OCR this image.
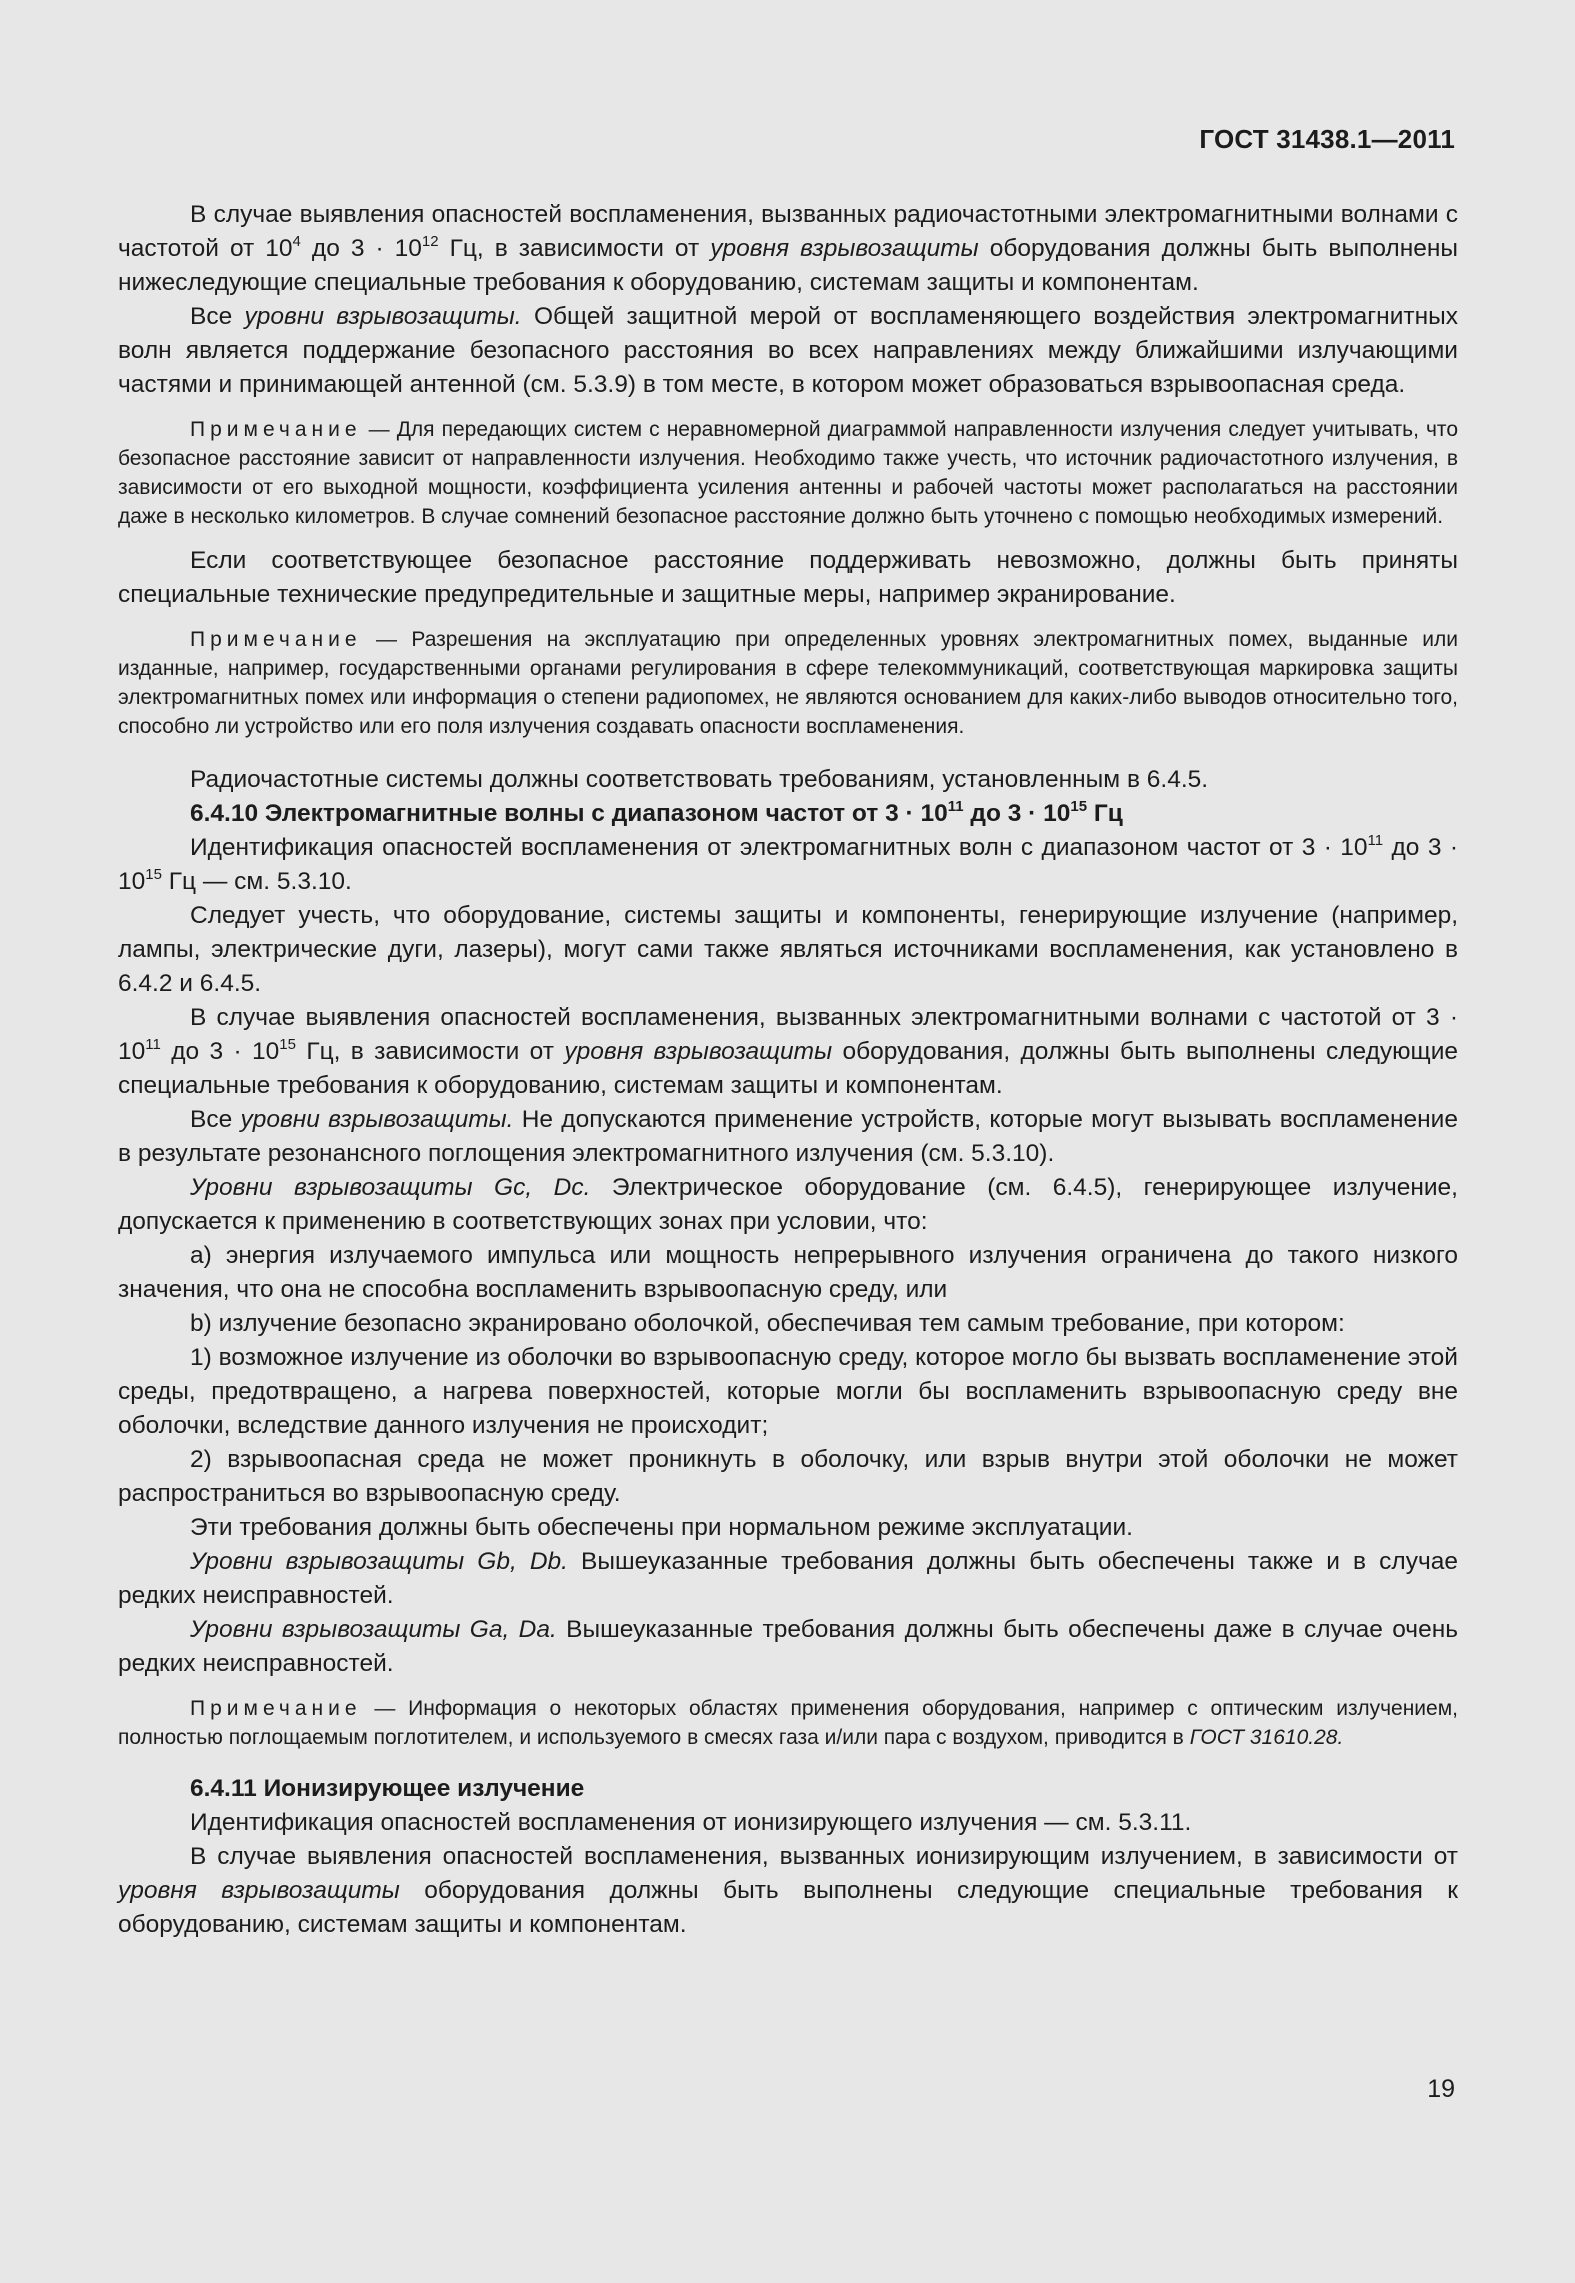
ГОСТ 31438.1—2011

В случае выявления опасностей воспламенения, вызванных радиочастотными электромагнитными волнами с частотой от $10^4$ до $3 \cdot 10^{12}$ Гц, в зависимости от уровня взрывозащиты оборудования должны быть выполнены нижеследующие специальные требования к оборудованию, системам защиты и компонентам.

Все уровни взрывозащиты. Общей защитной мерой от воспламеняющего воздействия электромагнитных волн является поддержание безопасного расстояния во всех направлениях между ближайшими излучающими частями и принимающей антенной (см. 5.3.9) в том месте, в котором может образоваться взрывоопасная среда.

Примечание — Для передающих систем с неравномерной диаграммой направленности излучения следует учитывать, что безопасное расстояние зависит от направленности излучения. Необходимо также учесть, что источник радиочастотного излучения, в зависимости от его выходной мощности, коэффициента усиления антенны и рабочей частоты может располагаться на расстоянии даже в несколько километров. В случае сомнений безопасное расстояние должно быть уточнено с помощью необходимых измерений.

Если соответствующее безопасное расстояние поддерживать невозможно, должны быть приняты специальные технические предупредительные и защитные меры, например экранирование.

Примечание — Разрешения на эксплуатацию при определенных уровнях электромагнитных помех, выданные или изданные, например, государственными органами регулирования в сфере телекоммуникаций, соответствующая маркировка защиты электромагнитных помех или информация о степени радиопомех, не являются основанием для каких-либо выводов относительно того, способно ли устройство или его поля излучения создавать опасности воспламенения.

Радиочастотные системы должны соответствовать требованиям, установленным в 6.4.5.

6.4.10 Электромагнитные волны с диапазоном частот от $3 \cdot 10^{11}$ до $3 \cdot 10^{15}$ Гц

Идентификация опасностей воспламенения от электромагнитных волн с диапазоном частот от $3 \cdot 10^{11}$ до $3 \cdot 10^{15}$ Гц — см. 5.3.10.

Следует учесть, что оборудование, системы защиты и компоненты, генерирующие излучение (например, лампы, электрические дуги, лазеры), могут сами также являться источниками воспламенения, как установлено в 6.4.2 и 6.4.5.

В случае выявления опасностей воспламенения, вызванных электромагнитными волнами с частотой от $3 \cdot 10^{11}$ до $3 \cdot 10^{15}$ Гц, в зависимости от уровня взрывозащиты оборудования, должны быть выполнены следующие специальные требования к оборудованию, системам защиты и компонентам.

Все уровни взрывозащиты. Не допускаются применение устройств, которые могут вызывать воспламенение в результате резонансного поглощения электромагнитного излучения (см. 5.3.10).

Уровни взрывозащиты Gc, Dc. Электрическое оборудование (см. 6.4.5), генерирующее излучение, допускается к применению в соответствующих зонах при условии, что:

a) энергия излучаемого импульса или мощность непрерывного излучения ограничена до такого низкого значения, что она не способна воспламенить взрывоопасную среду, или

b) излучение безопасно экранировано оболочкой, обеспечивая тем самым требование, при котором:

1) возможное излучение из оболочки во взрывоопасную среду, которое могло бы вызвать воспламенение этой среды, предотвращено, а нагрева поверхностей, которые могли бы воспламенить взрывоопасную среду вне оболочки, вследствие данного излучения не происходит;

2) взрывоопасная среда не может проникнуть в оболочку, или взрыв внутри этой оболочки не может распространиться во взрывоопасную среду.

Эти требования должны быть обеспечены при нормальном режиме эксплуатации.

Уровни взрывозащиты Gb, Db. Вышеуказанные требования должны быть обеспечены также и в случае редких неисправностей.

Уровни взрывозащиты Ga, Da. Вышеуказанные требования должны быть обеспечены даже в случае очень редких неисправностей.

Примечание — Информация о некоторых областях применения оборудования, например с оптическим излучением, полностью поглощаемым поглотителем, и используемого в смесях газа и/или пара с воздухом, приводится в ГОСТ 31610.28.

6.4.11 Ионизирующее излучение

Идентификация опасностей воспламенения от ионизирующего излучения — см. 5.3.11.

В случае выявления опасностей воспламенения, вызванных ионизирующим излучением, в зависимости от уровня взрывозащиты оборудования должны быть выполнены следующие специальные требования к оборудованию, системам защиты и компонентам.

19
